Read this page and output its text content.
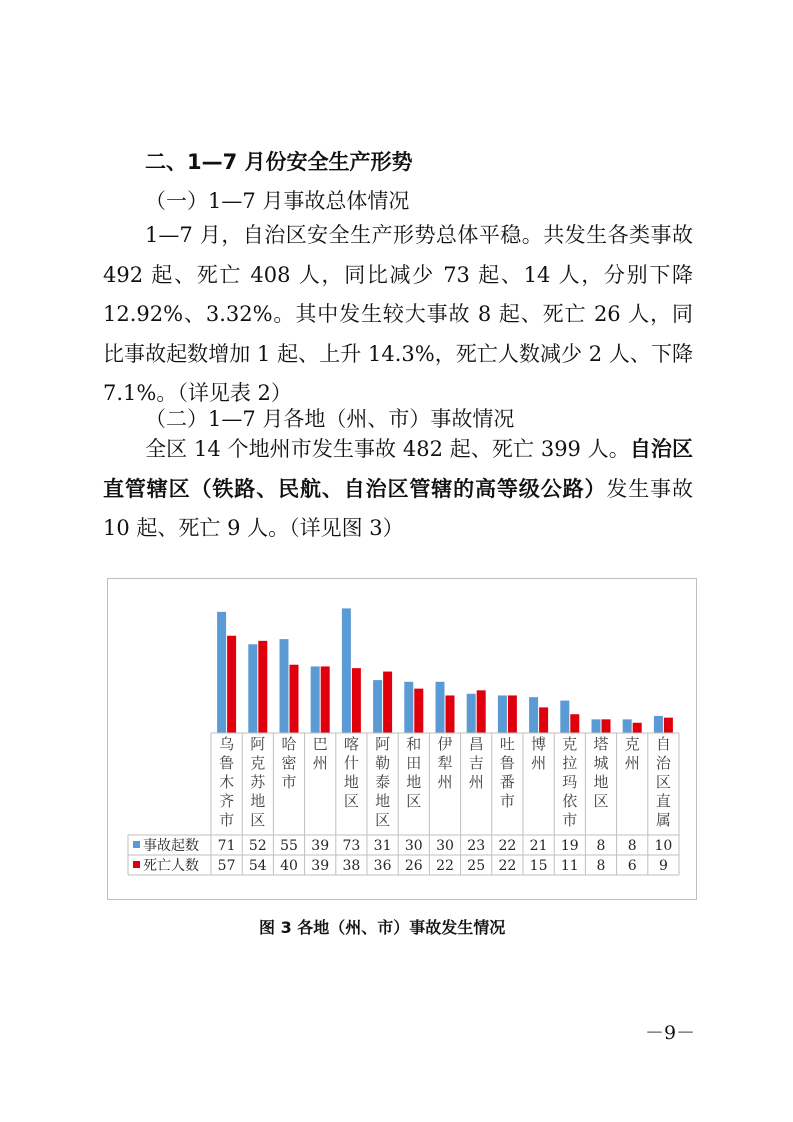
二、1—7 月份安全生产形势
（一）1—7 月事故总体情况
1—7 月，自治区安全生产形势总体平稳。共发生各类事故 492 起、死亡 408 人，同比减少 73 起、14 人，分别下降 12.92%、3.32%。其中发生较大事故 8 起、死亡 26 人，同比事故起数增加 1 起、上升 14.3%，死亡人数减少 2 人、下降 7.1%。（详见表 2）
（二）1—7 月各地（州、市）事故情况
全区 14 个地州市发生事故 482 起、死亡 399 人。自治区直管辖区（铁路、民航、自治区管辖的高等级公路）发生事故 10 起、死亡 9 人。（详见图 3）
乌鲁木齐市
阿克苏地区
哈密市
巴州
喀什地区
阿勒泰地区
和田地区
伊犁州
昌吉州
吐鲁番市
博州
克拉玛依市
塔城地区
克州
自治区直属
事故起数 71 52 55 39 73 31 30 30 23 22 21 19 8 8 10
死亡人数 57 54 40 39 38 36 26 22 25 22 15 11 8 6 9
图 3 各地（州、市）事故发生情况
－9－
